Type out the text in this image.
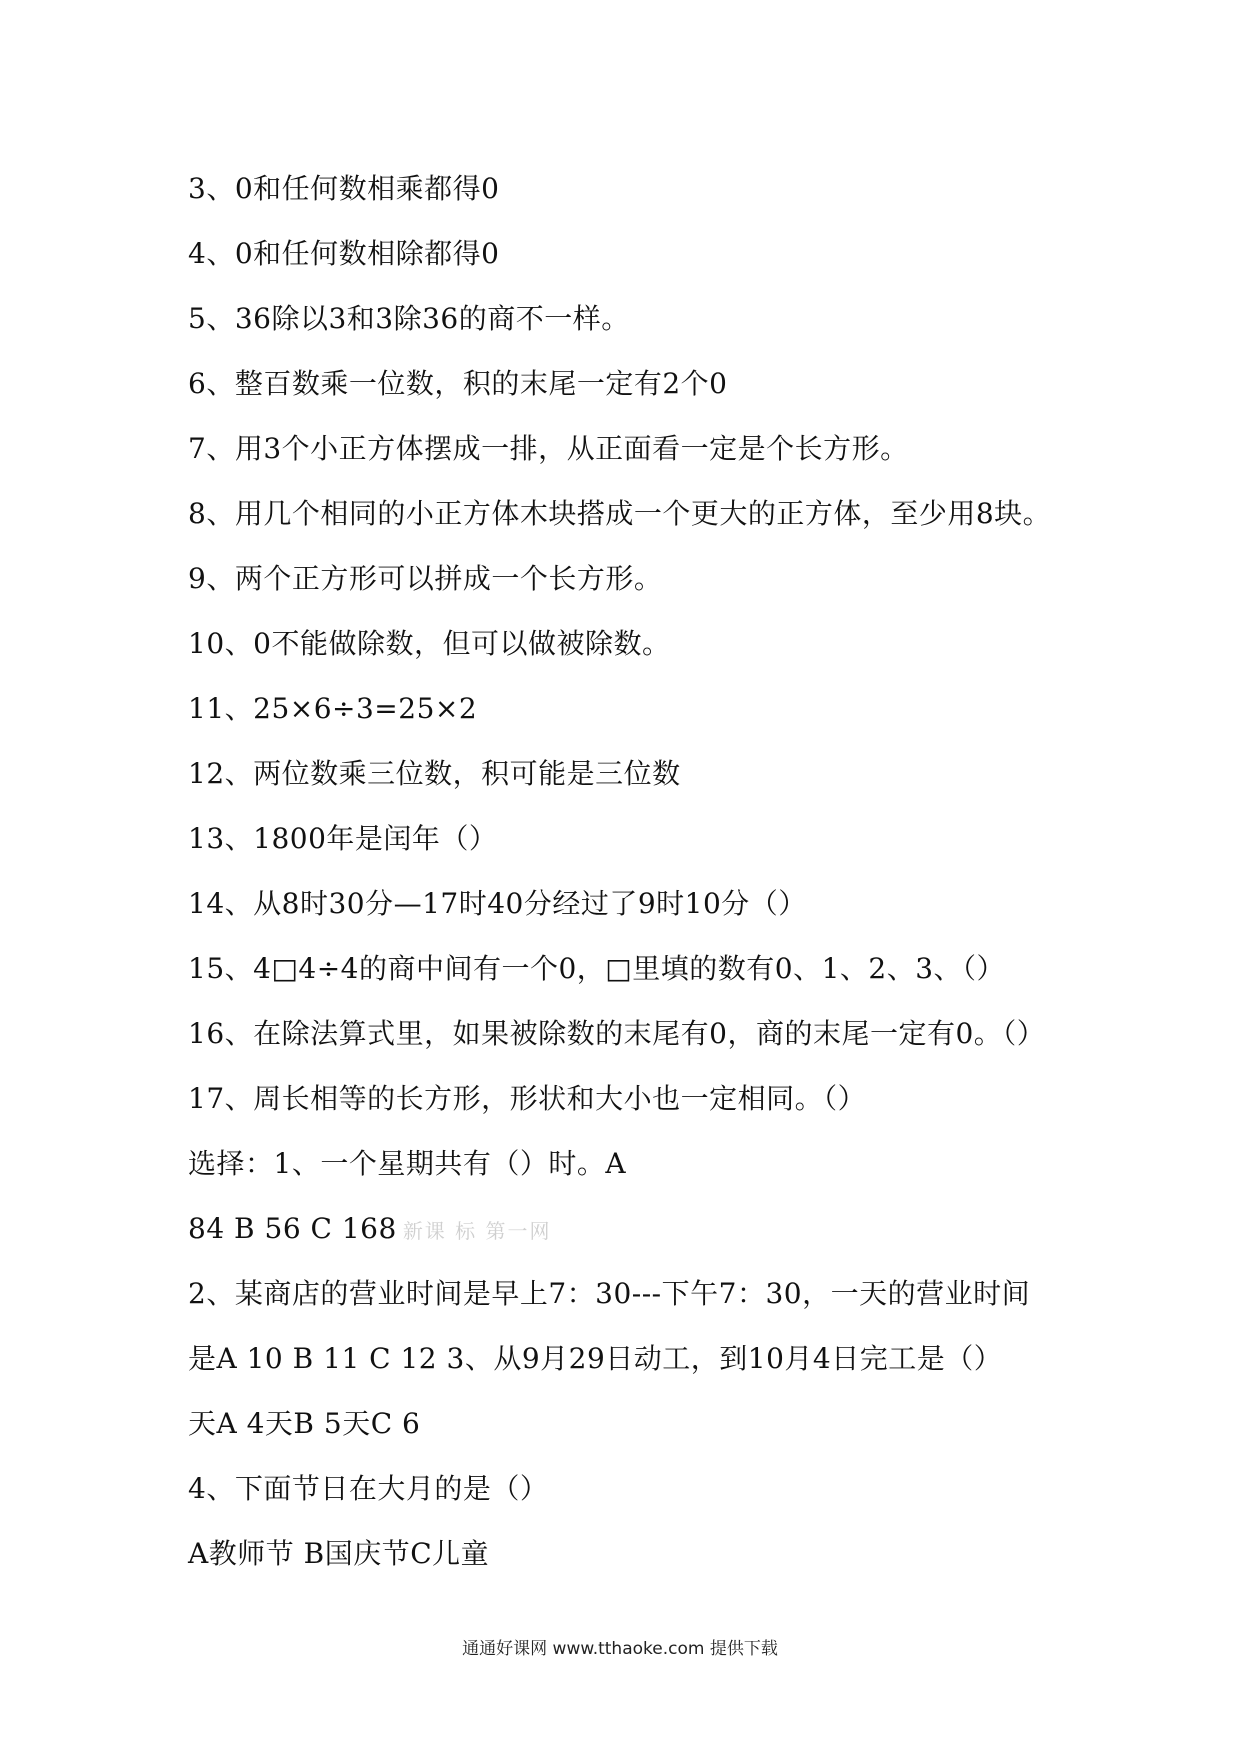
3、0和任何数相乘都得0
4、0和任何数相除都得0
5、36除以3和3除36的商不一样。
6、整百数乘一位数，积的末尾一定有2个0
7、用3个小正方体摆成一排，从正面看一定是个长方形。
8、用几个相同的小正方体木块搭成一个更大的正方体，至少用8块。
9、两个正方形可以拼成一个长方形。
10、0不能做除数，但可以做被除数。
11、25×6÷3=25×2
12、两位数乘三位数，积可能是三位数
13、1800年是闰年（）
14、从8时30分—17时40分经过了9时10分（）
15、4□4÷4的商中间有一个0，□里填的数有0、1、2、3、（）
16、在除法算式里，如果被除数的末尾有0，商的末尾一定有0。（）
17、周长相等的长方形，形状和大小也一定相同。（）
选择：1、一个星期共有（）时。A
84 B 56 C 168 新课 标 第一网
2、某商店的营业时间是早上7：30---下午7：30，一天的营业时间
是A 10 B 11 C 12 3、从9月29日动工，到10月4日完工是（）
天A 4天B 5天C 6
4、下面节日在大月的是（）
A教师节 B国庆节C儿童
通通好课网 www.tthaoke.com 提供下载
